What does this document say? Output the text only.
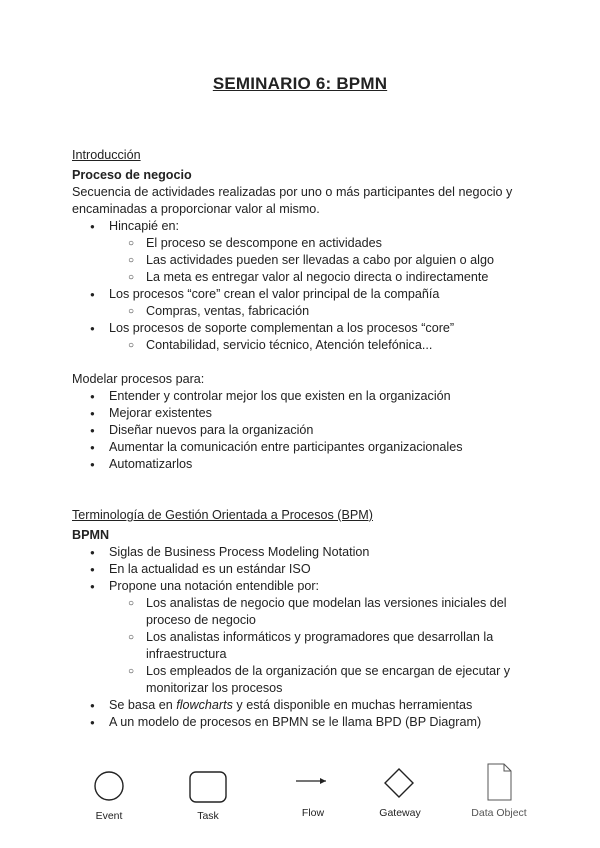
SEMINARIO 6: BPMN
Introducción
Proceso de negocio
Secuencia de actividades realizadas por uno o más participantes del negocio y encaminadas a proporcionar valor al mismo.
● Hincapié en:
○ El proceso se descompone en actividades
○ Las actividades pueden ser llevadas a cabo por alguien o algo
○ La meta es entregar valor al negocio directa o indirectamente
● Los procesos “core” crean el valor principal de la compañía
○ Compras, ventas, fabricación
● Los procesos de soporte complementan a los procesos “core”
○ Contabilidad, servicio técnico, Atención telefónica...
Modelar procesos para:
● Entender y controlar mejor los que existen en la organización
● Mejorar existentes
● Diseñar nuevos para la organización
● Aumentar la comunicación entre participantes organizacionales
● Automatizarlos
Terminología de Gestión Orientada a Procesos (BPM)
BPMN
● Siglas de Business Process Modeling Notation
● En la actualidad es un estándar ISO
● Propone una notación entendible por:
○ Los analistas de negocio que modelan las versiones iniciales del proceso de negocio
○ Los analistas informáticos y programadores que desarrollan la infraestructura
○ Los empleados de la organización que se encargan de ejecutar y monitorizar los procesos
● Se basa en flowcharts y está disponible en muchas herramientas
● A un modelo de procesos en BPMN se le llama BPD (BP Diagram)
Event	Task	Flow	Gateway	Data Object
